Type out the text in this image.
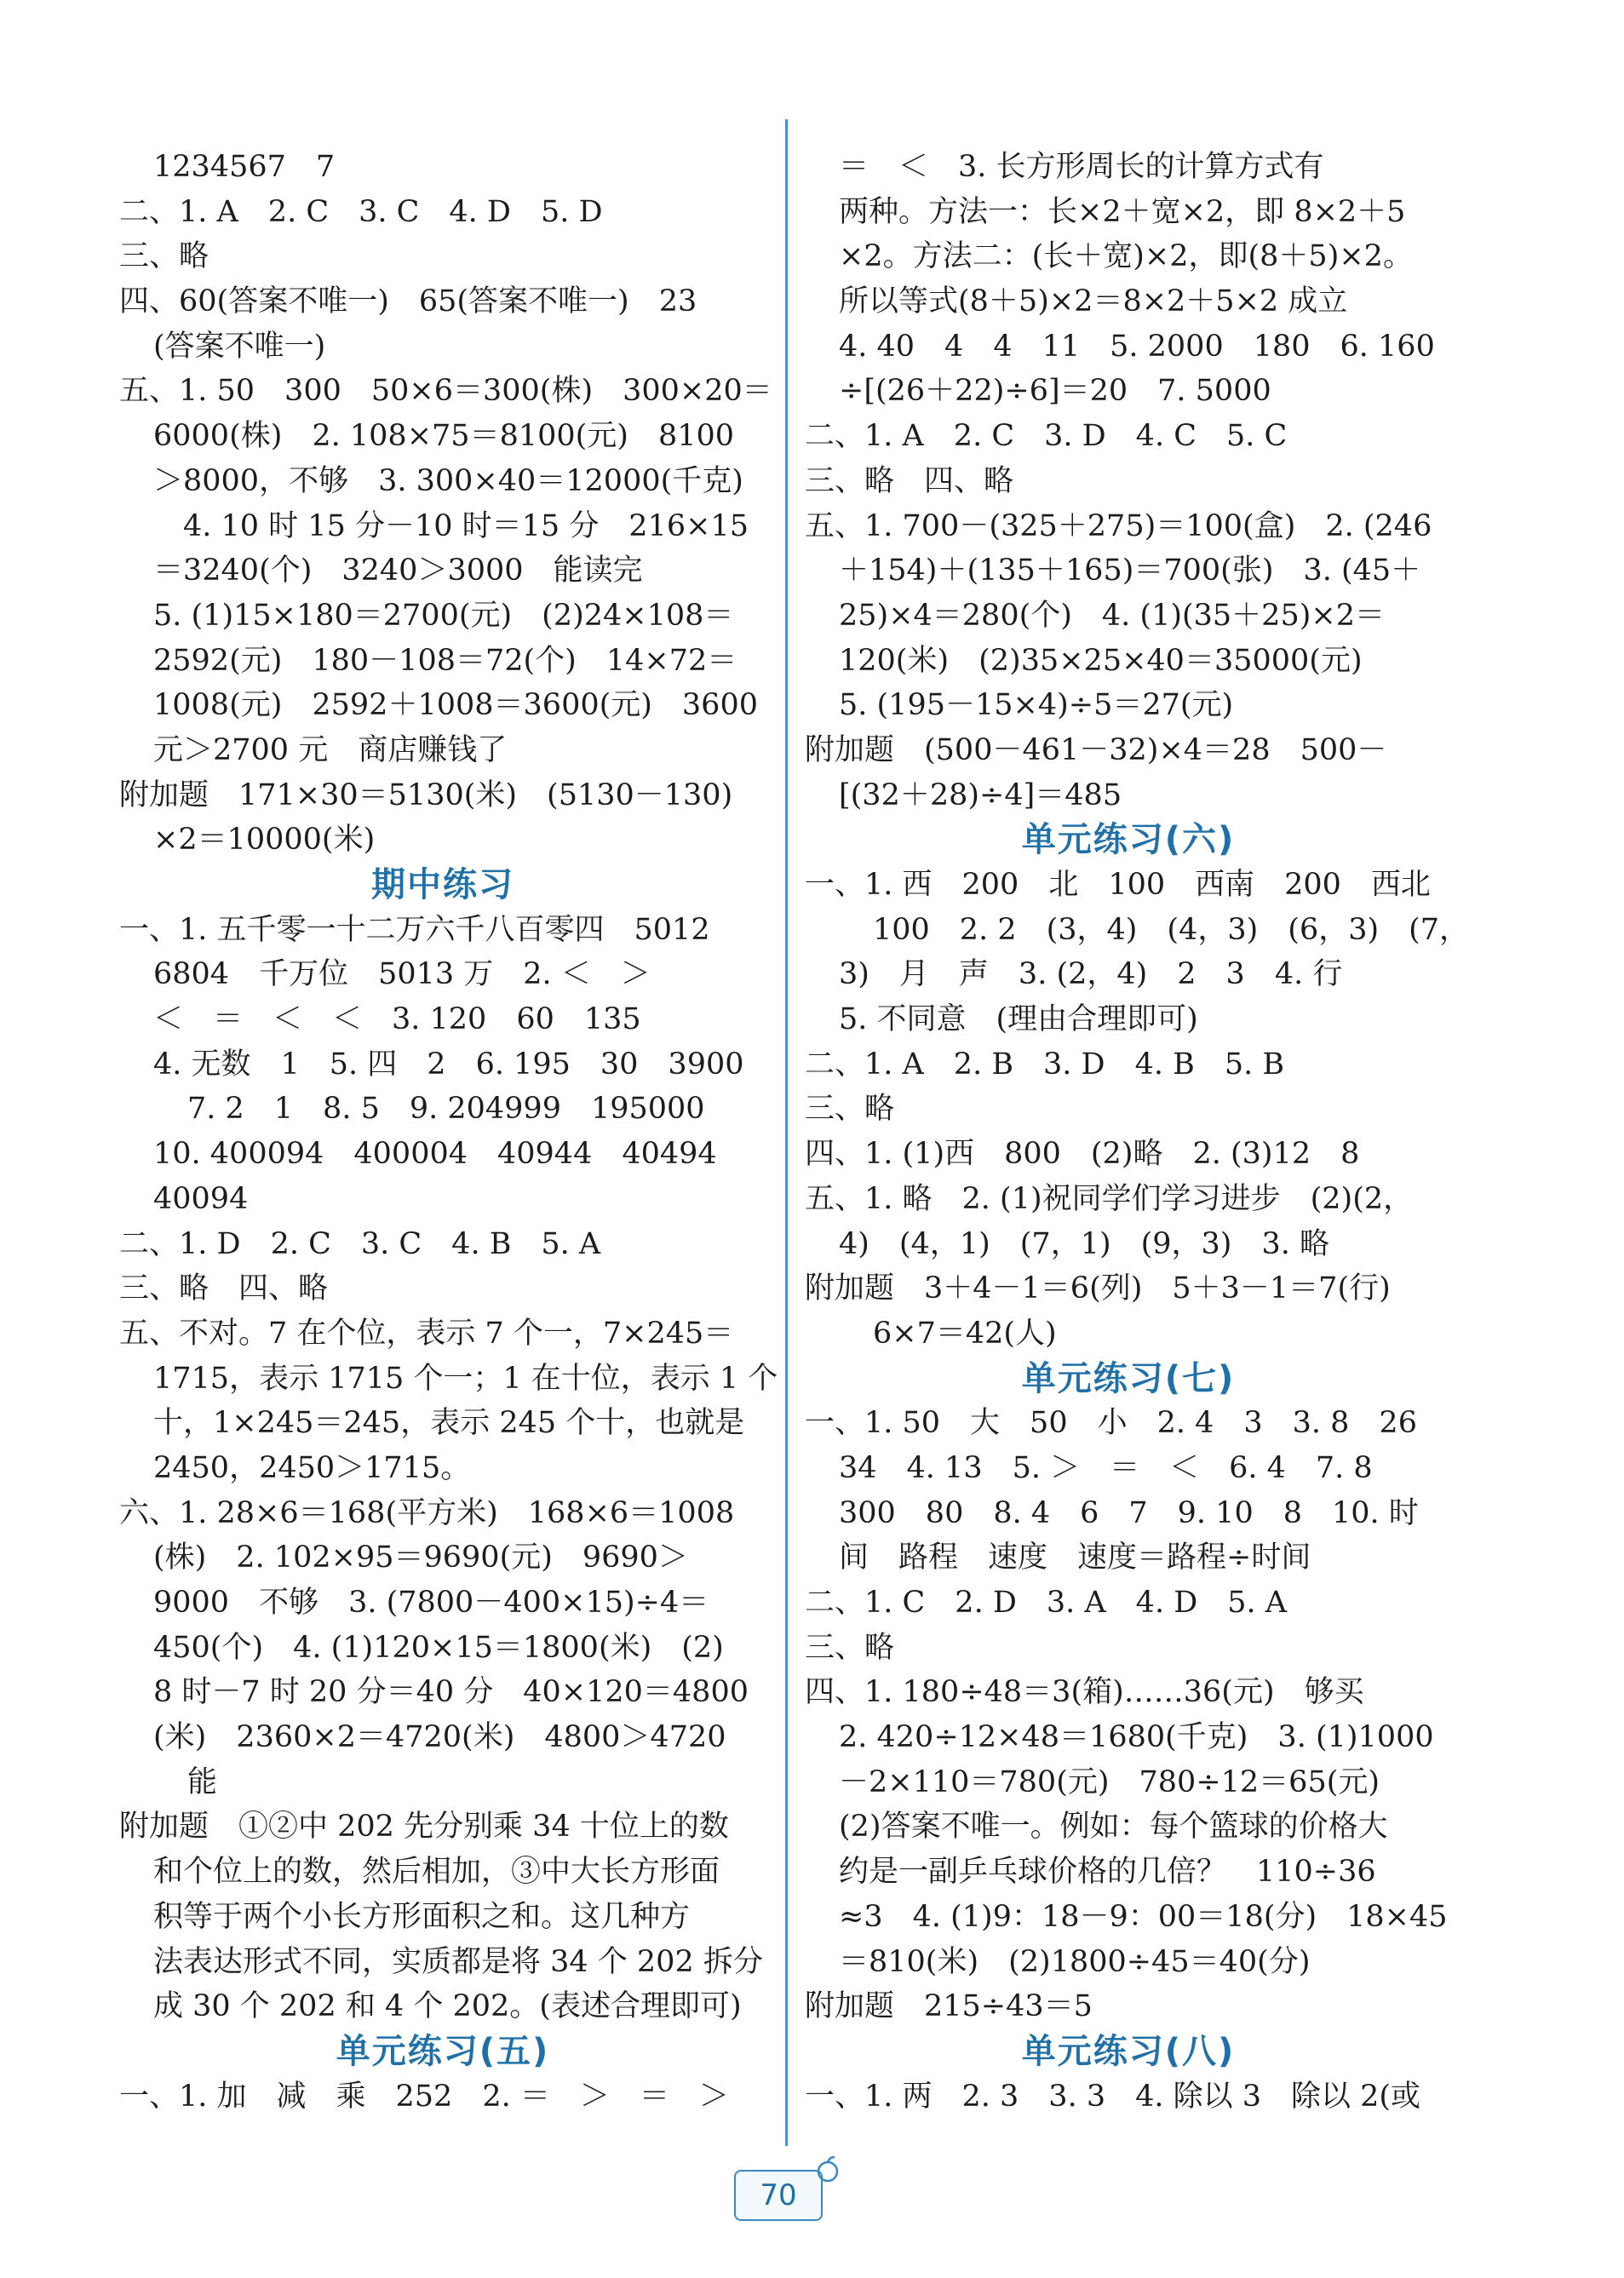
1234567　7
二、1. A　2. C　3. C　4. D　5. D
三、略
四、60(答案不唯一)　65(答案不唯一)　23
(答案不唯一)
五、1. 50　300　50×6＝300(株)　300×20＝
6000(株)　2. 108×75＝8100(元)　8100
＞8000，不够　3. 300×40＝12000(千克)
　4. 10 时 15 分－10 时＝15 分　216×15
＝3240(个)　3240＞3000　能读完
5. (1)15×180＝2700(元)　(2)24×108＝
2592(元)　180－108＝72(个)　14×72＝
1008(元)　2592＋1008＝3600(元)　3600
元＞2700 元　商店赚钱了
附加题　171×30＝5130(米)　(5130－130)
×2＝10000(米)
期中练习
一、1. 五千零一十二万六千八百零四　5012
6804　千万位　5013 万　2. ＜　＞
＜　＝　＜　＜　3. 120　60　135
4. 无数　1　5. 四　2　6. 195　30　3900
7. 2　1　8. 5　9. 204999　195000
10. 400094　400004　40944　40494
40094
二、1. D　2. C　3. C　4. B　5. A
三、略　四、略
五、不对。7 在个位，表示 7 个一，7×245＝
1715，表示 1715 个一；1 在十位，表示 1 个
十，1×245＝245，表示 245 个十，也就是
2450，2450＞1715。
六、1. 28×6＝168(平方米)　168×6＝1008
(株)　2. 102×95＝9690(元)　9690＞
9000　不够　3. (7800－400×15)÷4＝
450(个)　4. (1)120×15＝1800(米)　(2)
8 时－7 时 20 分＝40 分　40×120＝4800
(米)　2360×2＝4720(米)　4800＞4720
能
附加题　①②中 202 先分别乘 34 十位上的数
和个位上的数，然后相加，③中大长方形面
积等于两个小长方形面积之和。这几种方
法表达形式不同，实质都是将 34 个 202 拆分
成 30 个 202 和 4 个 202。(表述合理即可)
单元练习(五)
一、1. 加　减　乘　252　2. ＝　＞　＝　＞
＝　＜　3. 长方形周长的计算方式有
两种。方法一：长×2＋宽×2，即 8×2＋5
×2。方法二：(长＋宽)×2，即(8＋5)×2。
所以等式(8＋5)×2＝8×2＋5×2 成立
4. 40　4　4　11　5. 2000　180　6. 160
÷[(26＋22)÷6]＝20　7. 5000
二、1. A　2. C　3. D　4. C　5. C
三、略　四、略
五、1. 700－(325＋275)＝100(盒)　2. (246
＋154)＋(135＋165)＝700(张)　3. (45＋
25)×4＝280(个)　4. (1)(35＋25)×2＝
120(米)　(2)35×25×40＝35000(元)
5. (195－15×4)÷5＝27(元)
附加题　(500－461－32)×4＝28　500－
[(32＋28)÷4]＝485
单元练习(六)
一、1. 西　200　北　100　西南　200　西北
100　2. 2　(3，4)　(4，3)　(6，3)　(7，
3)　月　声　3. (2，4)　2　3　4. 行
5. 不同意　(理由合理即可)
二、1. A　2. B　3. D　4. B　5. B
三、略
四、1. (1)西　800　(2)略　2. (3)12　8
五、1. 略　2. (1)祝同学们学习进步　(2)(2，
4)　(4，1)　(7，1)　(9，3)　3. 略
附加题　3＋4－1＝6(列)　5＋3－1＝7(行)
6×7＝42(人)
单元练习(七)
一、1. 50　大　50　小　2. 4　3　3. 8　26
34　4. 13　5. ＞　＝　＜　6. 4　7. 8
300　80　8. 4　6　7　9. 10　8　10. 时
间　路程　速度　速度＝路程÷时间
二、1. C　2. D　3. A　4. D　5. A
三、略
四、1. 180÷48＝3(箱)……36(元)　够买
2. 420÷12×48＝1680(千克)　3. (1)1000
－2×110＝780(元)　780÷12＝65(元)
(2)答案不唯一。例如：每个篮球的价格大
约是一副乒乓球价格的几倍？　110÷36
≈3　4. (1)9：18－9：00＝18(分)　18×45
＝810(米)　(2)1800÷45＝40(分)
附加题　215÷43＝5
单元练习(八)
一、1. 两　2. 3　3. 3　4. 除以 3　除以 2(或
70
